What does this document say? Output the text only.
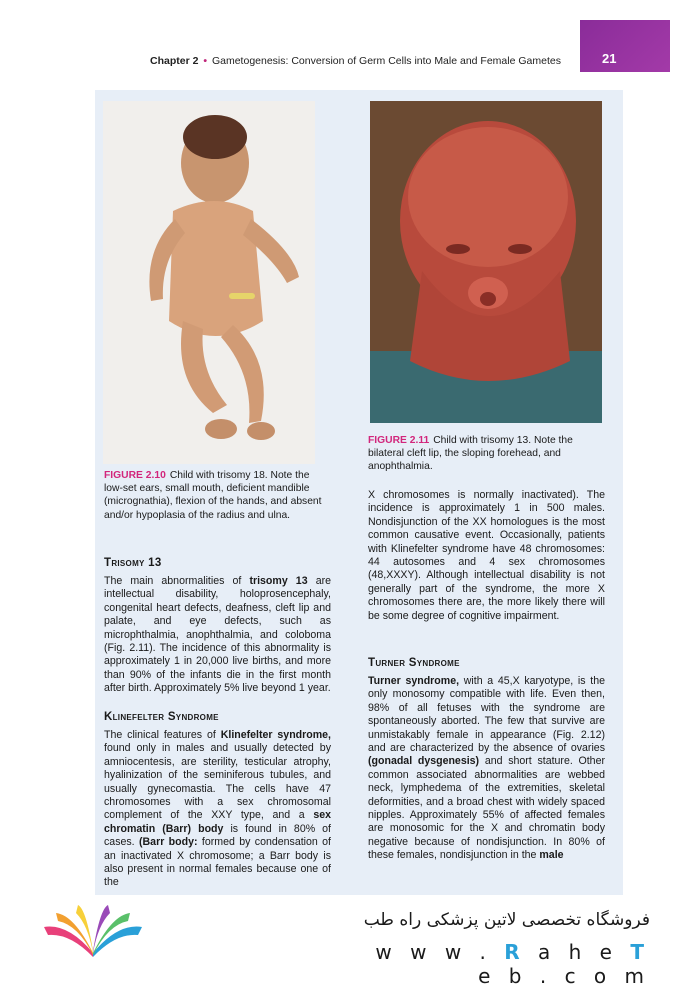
Chapter 2 • Gametogenesis: Conversion of Germ Cells into Male and Female Gametes	21
FIGURE 2.10 Child with trisomy 18. Note the low-set ears, small mouth, deficient mandible (micrognathia), flexion of the hands, and absent and/or hypoplasia of the radius and ulna.
FIGURE 2.11 Child with trisomy 13. Note the bilateral cleft lip, the sloping forehead, and anophthalmia.
Trisomy 13

The main abnormalities of trisomy 13 are intellectual disability, holoprosencephaly, congenital heart defects, deafness, cleft lip and palate, and eye defects, such as microphthalmia, anophthalmia, and coloboma (Fig. 2.11). The incidence of this abnormality is approximately 1 in 20,000 live births, and more than 90% of the infants die in the first month after birth. Approximately 5% live beyond 1 year.

Klinefelter Syndrome

The clinical features of Klinefelter syndrome, found only in males and usually detected by amniocentesis, are sterility, testicular atrophy, hyalinization of the seminiferous tubules, and usually gynecomastia. The cells have 47 chromosomes with a sex chromosomal complement of the XXY type, and a sex chromatin (Barr) body is found in 80% of cases. (Barr body: formed by condensation of an inactivated X chromosome; a Barr body is also present in normal females because one of the

X chromosomes is normally inactivated). The incidence is approximately 1 in 500 males. Nondisjunction of the XX homologues is the most common causative event. Occasionally, patients with Klinefelter syndrome have 48 chromosomes: 44 autosomes and 4 sex chromosomes (48,XXXY). Although intellectual disability is not generally part of the syndrome, the more X chromosomes there are, the more likely there will be some degree of cognitive impairment.

Turner Syndrome

Turner syndrome, with a 45,X karyotype, is the only monosomy compatible with life. Even then, 98% of all fetuses with the syndrome are spontaneously aborted. The few that survive are unmistakably female in appearance (Fig. 2.12) and are characterized by the absence of ovaries (gonadal dysgenesis) and short stature. Other common associated abnormalities are webbed neck, lymphedema of the extremities, skeletal deformities, and a broad chest with widely spaced nipples. Approximately 55% of affected females are monosomic for the X and chromatin body negative because of nondisjunction. In 80% of these females, nondisjunction in the male

فروشگاه تخصصی لاتین پزشکی راه طب
w w w . R a h e T e b . c o m
